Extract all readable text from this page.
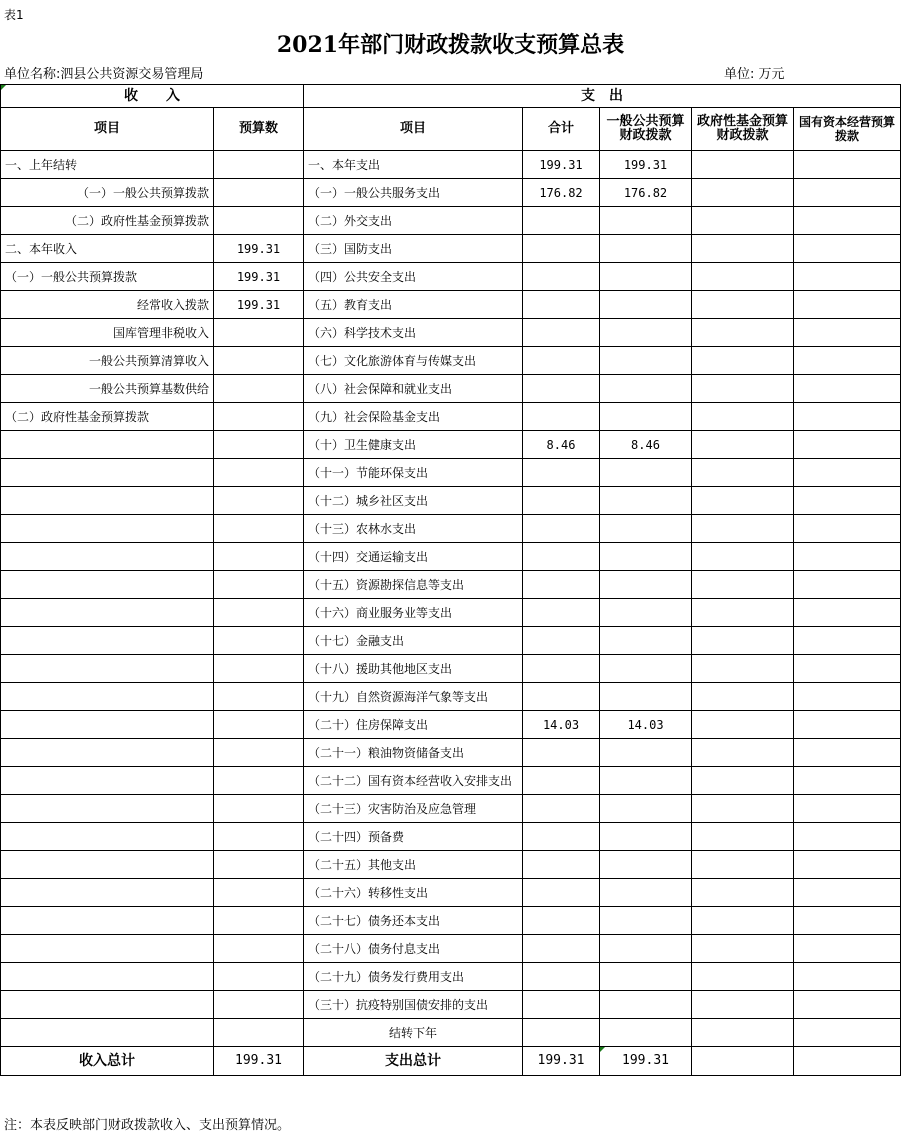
表1
2021年部门财政拨款收支预算总表
单位名称:泗县公共资源交易管理局	单位: 万元
收　　入		支　出				
项目	预算数	项目	合计	一般公共预算财政拨款	政府性基金预算财政拨款	国有资本经营预算拨款
一、上年结转		一、本年支出	199.31	199.31		
（一）一般公共预算拨款		（一）一般公共服务支出	176.82	176.82		
（二）政府性基金预算拨款		（二）外交支出				
二、本年收入	199.31	（三）国防支出				
（一）一般公共预算拨款	199.31	（四）公共安全支出				
经常收入拨款	199.31	（五）教育支出				
国库管理非税收入		（六）科学技术支出				
一般公共预算清算收入		（七）文化旅游体育与传媒支出				
一般公共预算基数供给		（八）社会保障和就业支出				
（二）政府性基金预算拨款		（九）社会保险基金支出				
		（十）卫生健康支出	8.46	8.46		
		（十一）节能环保支出				
		（十二）城乡社区支出				
		（十三）农林水支出				
		（十四）交通运输支出				
		（十五）资源勘探信息等支出				
		（十六）商业服务业等支出				
		（十七）金融支出				
		（十八）援助其他地区支出				
		（十九）自然资源海洋气象等支出				
		（二十）住房保障支出	14.03	14.03		
		（二十一）粮油物资储备支出				
		（二十二）国有资本经营收入安排支出				
		（二十三）灾害防治及应急管理				
		（二十四）预备费				
		（二十五）其他支出				
		（二十六）转移性支出				
		（二十七）债务还本支出				
		（二十八）债务付息支出				
		（二十九）债务发行费用支出				
		（三十）抗疫特别国债安排的支出				
		结转下年				
收入总计	199.31	支出总计	199.31	199.31

注：本表反映部门财政拨款收入、支出预算情况。
